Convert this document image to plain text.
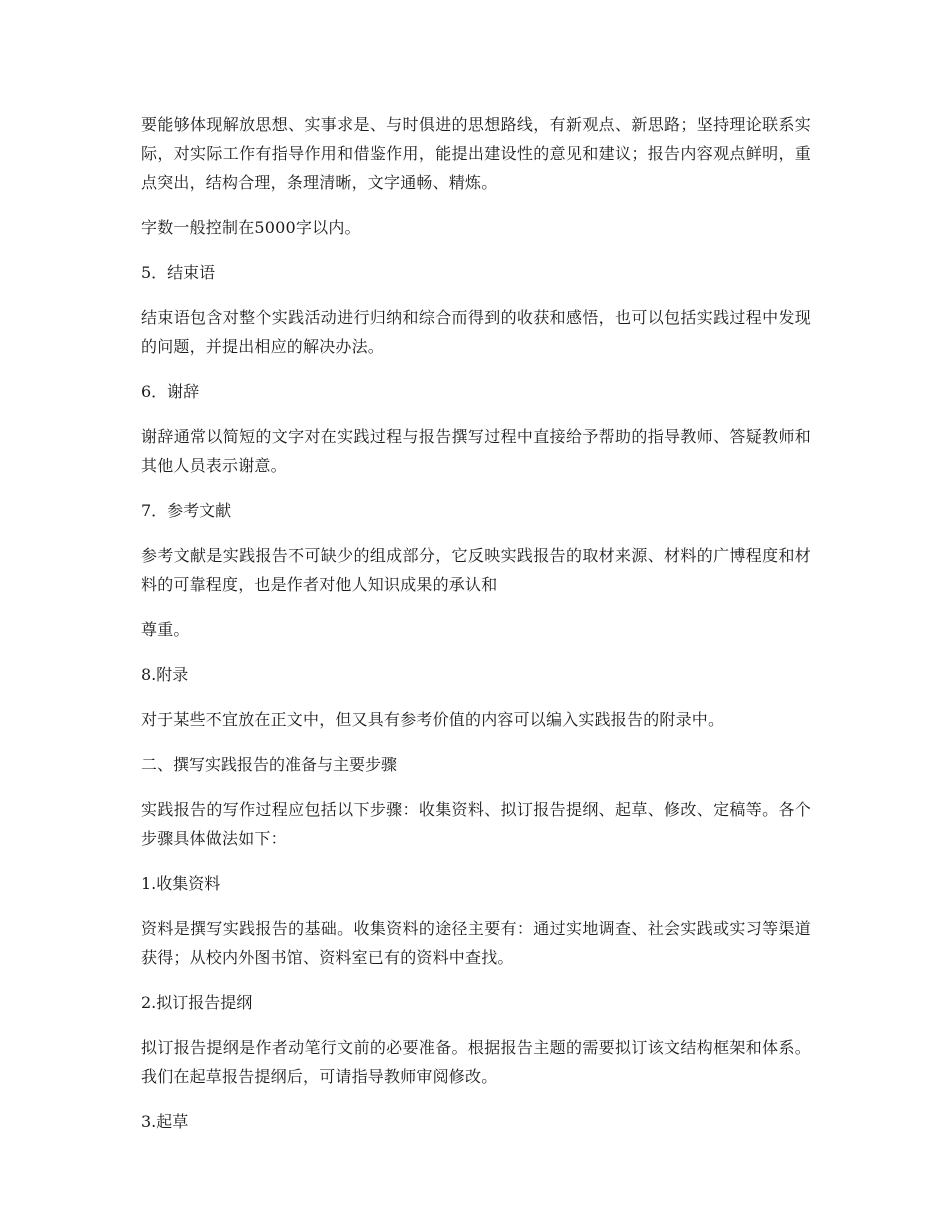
要能够体现解放思想、实事求是、与时俱进的思想路线，有新观点、新思路；坚持理论联系实际，对实际工作有指导作用和借鉴作用，能提出建设性的意见和建议；报告内容观点鲜明，重点突出，结构合理，条理清晰，文字通畅、精炼。

字数一般控制在5000字以内。

5．结束语

结束语包含对整个实践活动进行归纳和综合而得到的收获和感悟，也可以包括实践过程中发现的问题，并提出相应的解决办法。

6．谢辞

谢辞通常以简短的文字对在实践过程与报告撰写过程中直接给予帮助的指导教师、答疑教师和其他人员表示谢意。

7．参考文献

参考文献是实践报告不可缺少的组成部分，它反映实践报告的取材来源、材料的广博程度和材料的可靠程度，也是作者对他人知识成果的承认和

尊重。

8.附录

对于某些不宜放在正文中，但又具有参考价值的内容可以编入实践报告的附录中。

二、撰写实践报告的准备与主要步骤

实践报告的写作过程应包括以下步骤：收集资料、拟订报告提纲、起草、修改、定稿等。各个步骤具体做法如下：

1.收集资料

资料是撰写实践报告的基础。收集资料的途径主要有：通过实地调查、社会实践或实习等渠道获得；从校内外图书馆、资料室已有的资料中查找。

2.拟订报告提纲

拟订报告提纲是作者动笔行文前的必要准备。根据报告主题的需要拟订该文结构框架和体系。我们在起草报告提纲后，可请指导教师审阅修改。

3.起草
